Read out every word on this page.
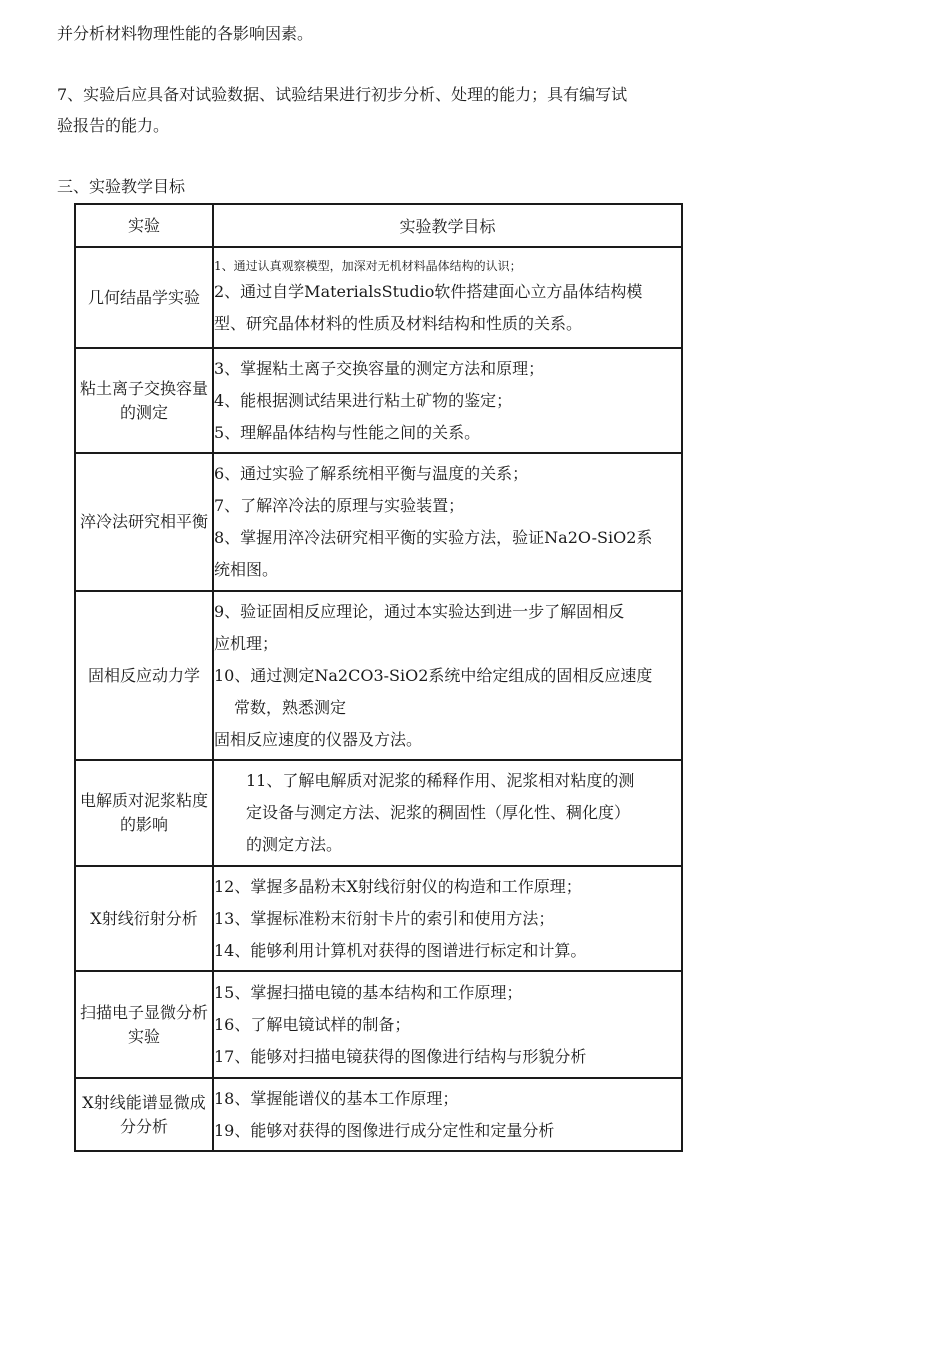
并分析材料物理性能的各影响因素。
7、实验后应具备对试验数据、试验结果进行初步分析、处理的能力；具有编写试
验报告的能力。
三、实验教学目标
实验	实验教学目标
几何结晶学实验	1、通过认真观察模型，加深对无机材料晶体结构的认识；
2、通过自学MaterialsStudio软件搭建面心立方晶体结构模
型、研究晶体材料的性质及材料结构和性质的关系。

粘土离子交换容量的测定	3、掌握粘土离子交换容量的测定方法和原理；
4、能根据测试结果进行粘土矿物的鉴定；
5、理解晶体结构与性能之间的关系。

淬冷法研究相平衡	6、通过实验了解系统相平衡与温度的关系；
7、了解淬冷法的原理与实验装置；
8、掌握用淬冷法研究相平衡的实验方法，验证Na2O-SiO2系
统相图。

固相反应动力学	9、验证固相反应理论，通过本实验达到进一步了解固相反
应机理；
10、通过测定Na2CO3-SiO2系统中给定组成的固相反应速度
常数，熟悉测定
固相反应速度的仪器及方法。

电解质对泥浆粘度的影响	11、了解电解质对泥浆的稀释作用、泥浆相对粘度的测
定设备与测定方法、泥浆的稠固性（厚化性、稠化度）
的测定方法。

X射线衍射分析	12、掌握多晶粉末X射线衍射仪的构造和工作原理；
13、掌握标准粉末衍射卡片的索引和使用方法；
14、能够利用计算机对获得的图谱进行标定和计算。

扫描电子显微分析实验	15、掌握扫描电镜的基本结构和工作原理；
16、了解电镜试样的制备；
17、能够对扫描电镜获得的图像进行结构与形貌分析

X射线能谱显微成分分析	18、掌握能谱仪的基本工作原理；
19、能够对获得的图像进行成分定性和定量分析
